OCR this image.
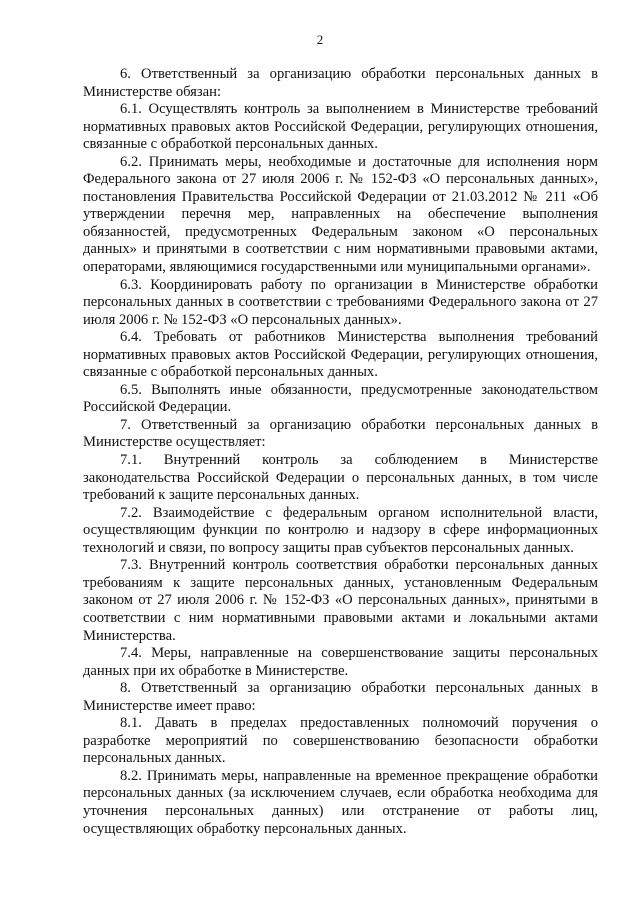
2

6. Ответственный за организацию обработки персональных данных в Министерстве обязан:

6.1. Осуществлять контроль за выполнением в Министерстве требований нормативных правовых актов Российской Федерации, регулирующих отношения, связанные с обработкой персональных данных.

6.2. Принимать меры, необходимые и достаточные для исполнения норм Федерального закона от 27 июля 2006 г. № 152-ФЗ «О персональных данных», постановления Правительства Российской Федерации от 21.03.2012 № 211 «Об утверждении перечня мер, направленных на обеспечение выполнения обязанностей, предусмотренных Федеральным законом «О персональных данных» и принятыми в соответствии с ним нормативными правовыми актами, операторами, являющимися государственными или муниципальными органами».

6.3. Координировать работу по организации в Министерстве обработки персональных данных в соответствии с требованиями Федерального закона от 27 июля 2006 г. № 152-ФЗ «О персональных данных».

6.4. Требовать от работников Министерства выполнения требований нормативных правовых актов Российской Федерации, регулирующих отношения, связанные с обработкой персональных данных.

6.5. Выполнять иные обязанности, предусмотренные законодательством Российской Федерации.

7. Ответственный за организацию обработки персональных данных в Министерстве осуществляет:

7.1. Внутренний контроль за соблюдением в Министерстве законодательства Российской Федерации о персональных данных, в том числе требований к защите персональных данных.

7.2. Взаимодействие с федеральным органом исполнительной власти, осуществляющим функции по контролю и надзору в сфере информационных технологий и связи, по вопросу защиты прав субъектов персональных данных.

7.3. Внутренний контроль соответствия обработки персональных данных требованиям к защите персональных данных, установленным Федеральным законом от 27 июля 2006 г. № 152-ФЗ «О персональных данных», принятыми в соответствии с ним нормативными правовыми актами и локальными актами Министерства.

7.4. Меры, направленные на совершенствование защиты персональных данных при их обработке в Министерстве.

8. Ответственный за организацию обработки персональных данных в Министерстве имеет право:

8.1. Давать в пределах предоставленных полномочий поручения о разработке мероприятий по совершенствованию безопасности обработки персональных данных.

8.2. Принимать меры, направленные на временное прекращение обработки персональных данных (за исключением случаев, если обработка необходима для уточнения персональных данных) или отстранение от работы лиц, осуществляющих обработку персональных данных.
